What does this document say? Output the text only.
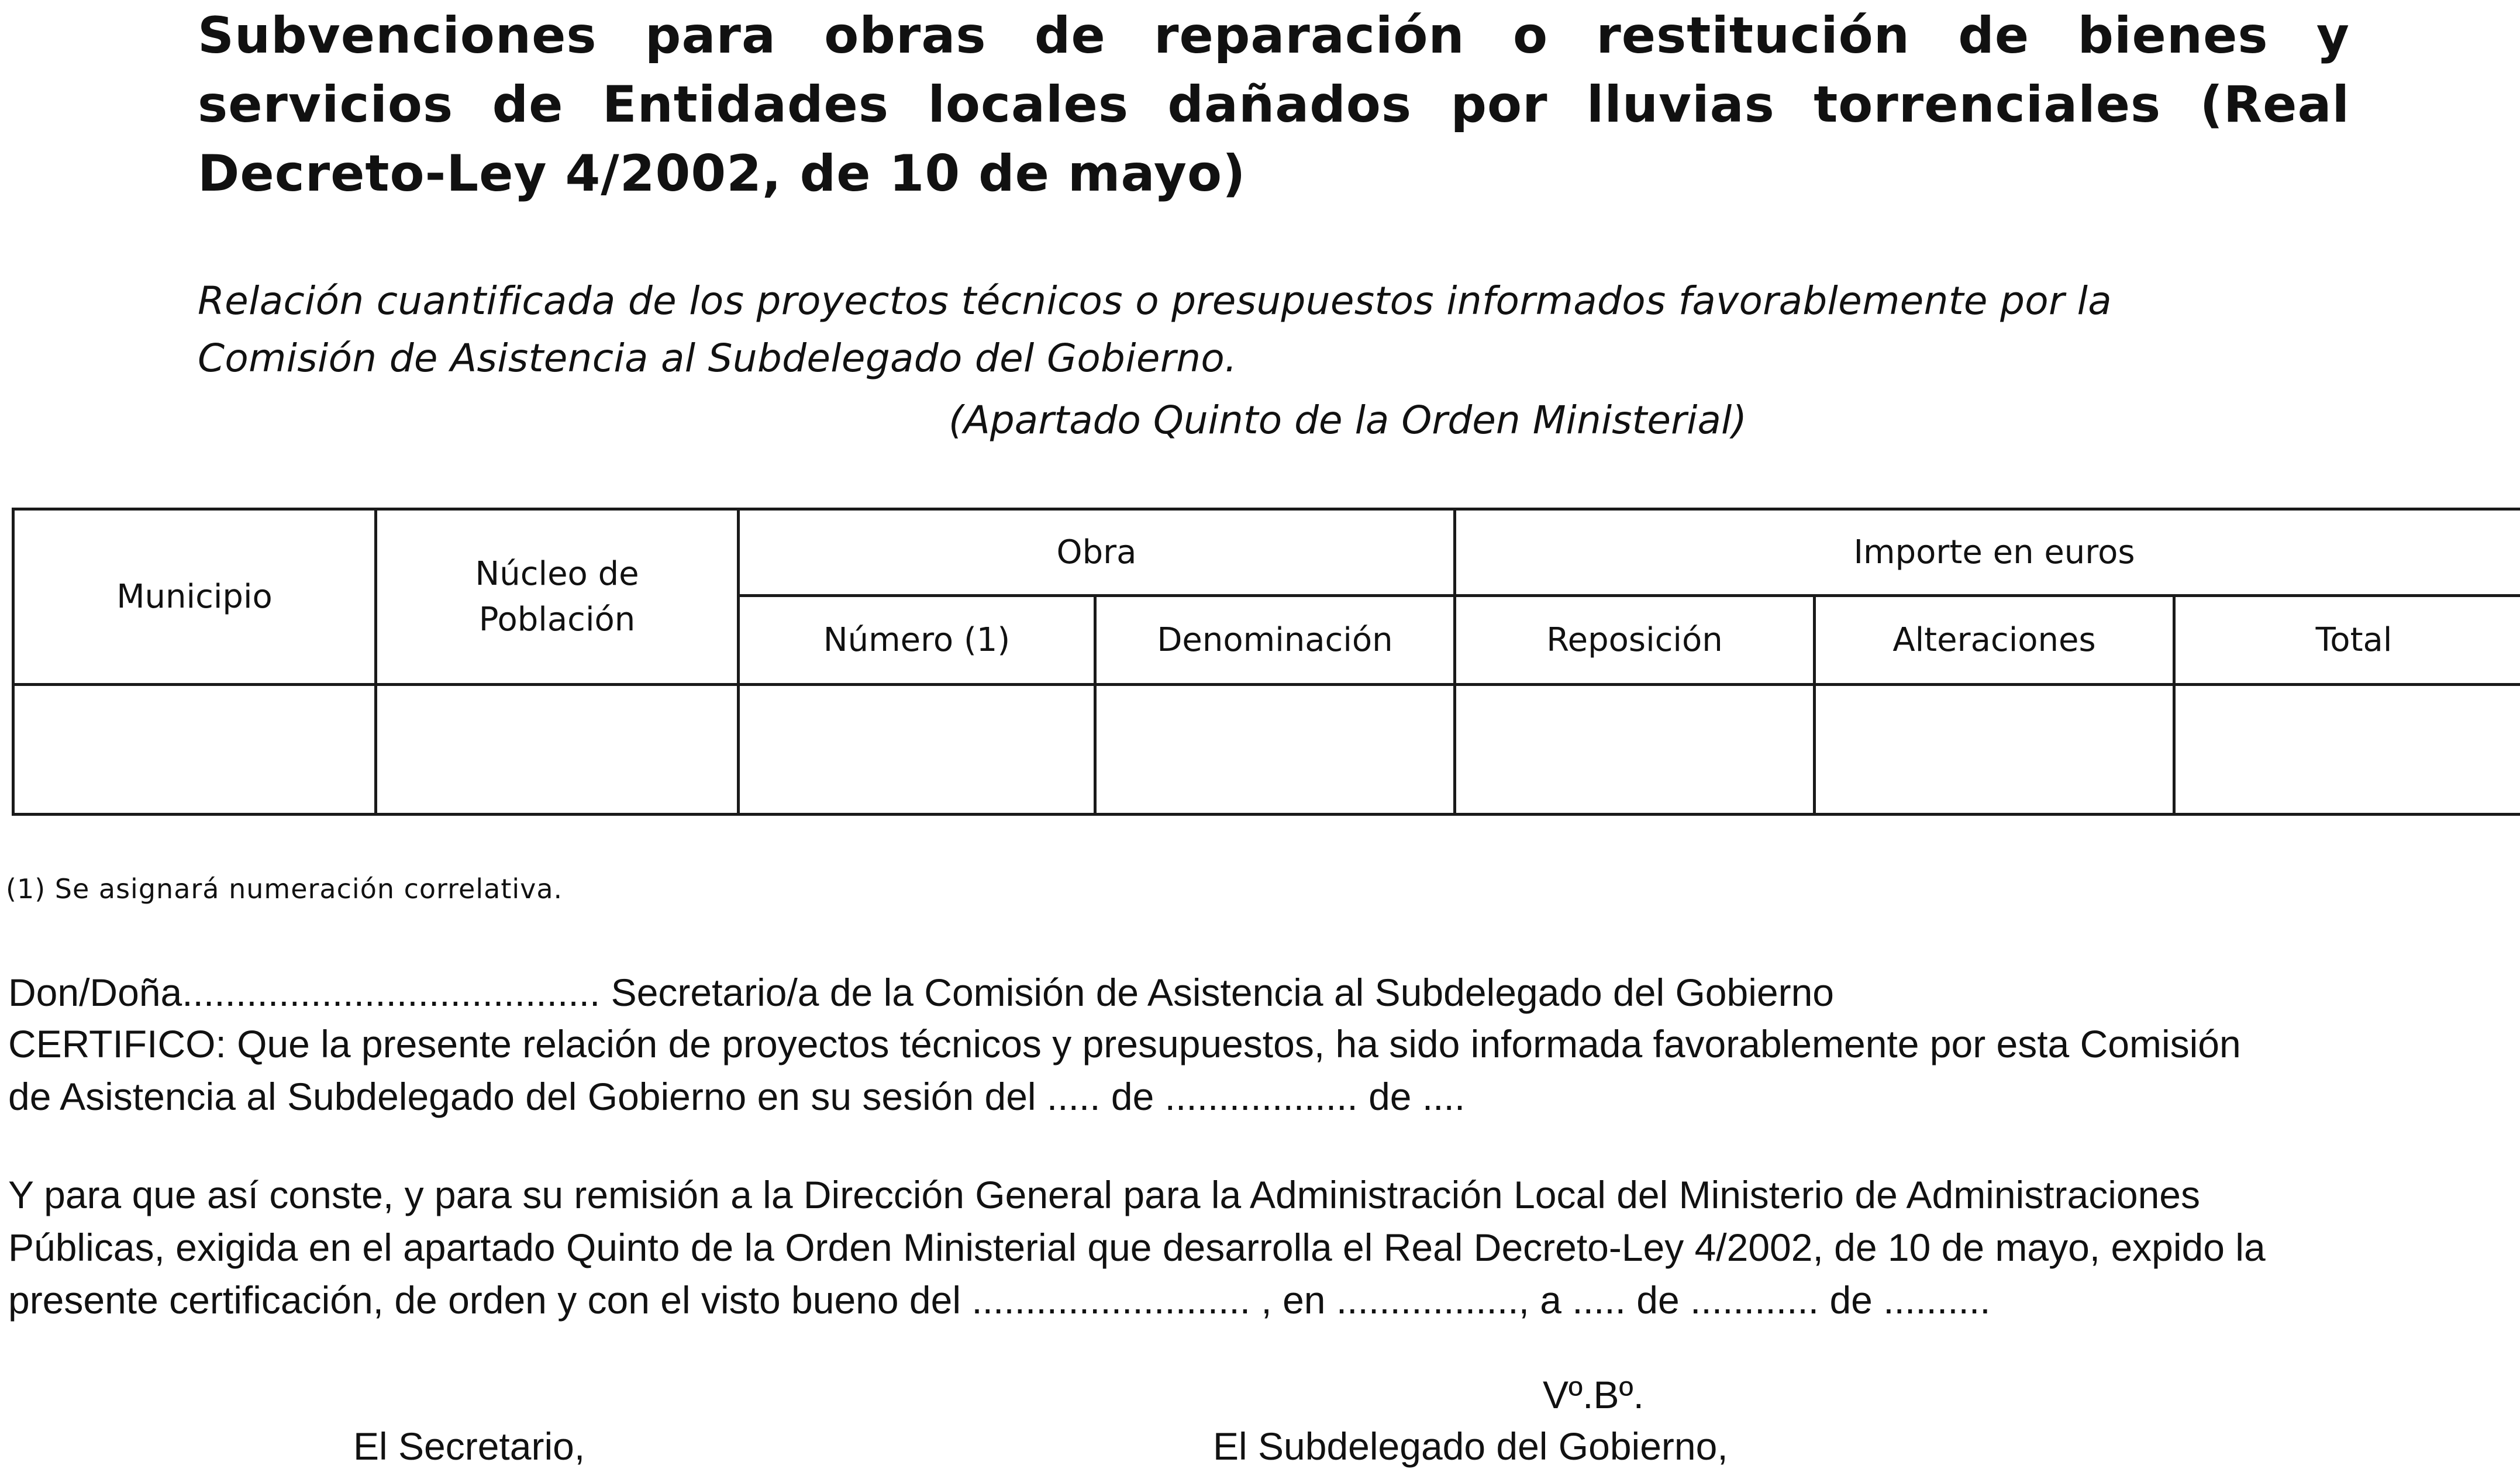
Subvenciones para obras de reparación o restitución de bienes y servicios de Entidades locales dañados por lluvias torrenciales (Real Decreto-Ley 4/2002, de 10 de mayo)

Relación cuantificada de los proyectos técnicos o presupuestos informados favorablemente por la

Comisión de Asistencia al Subdelegado del Gobierno.

(Apartado Quinto de la Orden Ministerial)

Municipio	Núcleo de Población	Obra		Importe en euros		
		Número (1)	Denominación	Reposición	Alteraciones	Total

(1) Se asignará numeración correlativa.

Don/Doña....................................... Secretario/a de la Comisión de Asistencia al Subdelegado del Gobierno

CERTIFICO: Que la presente relación de proyectos técnicos y presupuestos, ha sido informada favorablemente por esta Comisión

de Asistencia al Subdelegado del Gobierno en su sesión del ..... de .................. de ....

Y para que así conste, y para su remisión a la Dirección General para la Administración Local del Ministerio de Administraciones

Públicas, exigida en el apartado Quinto de la Orden Ministerial que desarrolla el Real Decreto-Ley 4/2002, de 10 de mayo, expido la

presente certificación, de orden y con el visto bueno del .......................... , en ................., a ..... de ............ de ..........

Vº.Bº.

El Secretario,	El Subdelegado del Gobierno,
